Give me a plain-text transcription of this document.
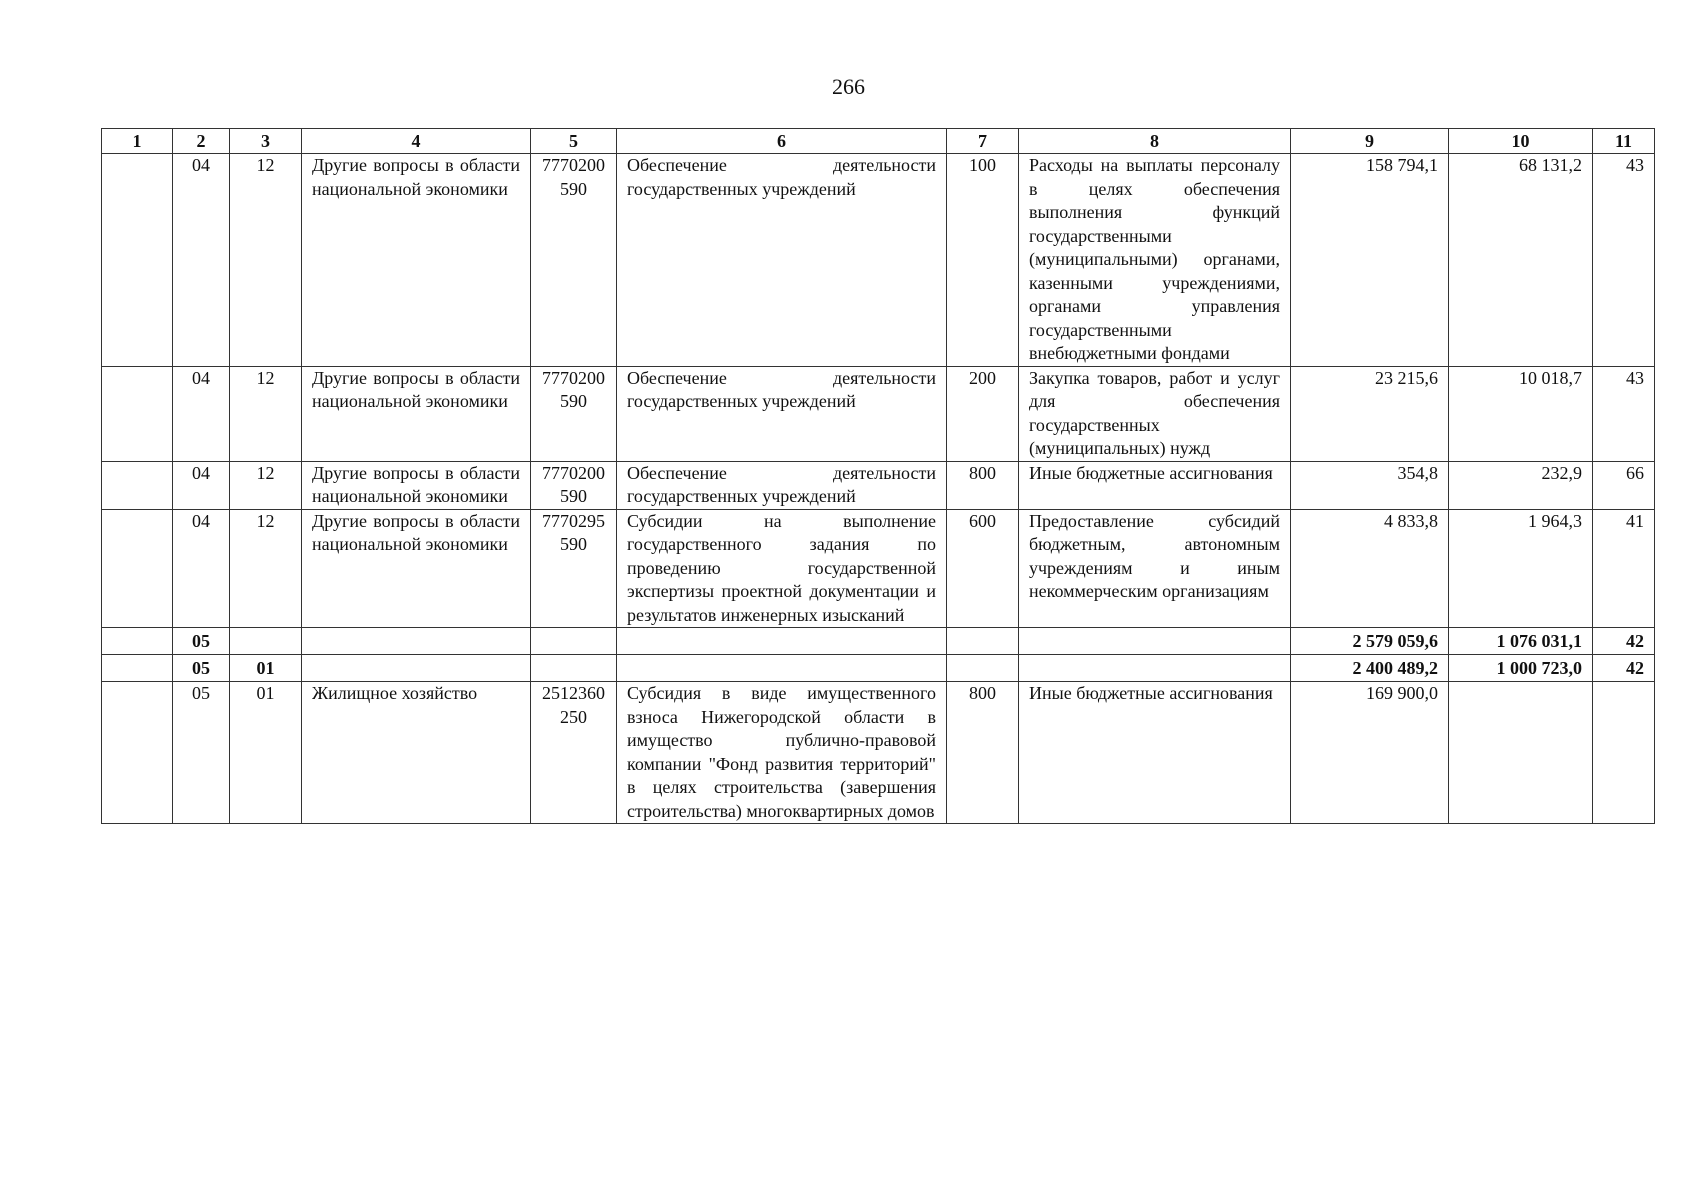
266
1	2	3	4	5	6	7	8	9	10	11
	04	12	Другие вопросы в области национальной экономики	7770200590	Обеспечение деятельности государственных учреждений	100	Расходы на выплаты персоналу в целях обеспечения выполнения функций государственными (муниципальными) органами, казенными учреждениями, органами управления государственными внебюджетными фондами	158 794,1	68 131,2	43
	04	12	Другие вопросы в области национальной экономики	7770200590	Обеспечение деятельности государственных учреждений	200	Закупка товаров, работ и услуг для обеспечения государственных (муниципальных) нужд	23 215,6	10 018,7	43
	04	12	Другие вопросы в области национальной экономики	7770200590	Обеспечение деятельности государственных учреждений	800	Иные бюджетные ассигнования	354,8	232,9	66
	04	12	Другие вопросы в области национальной экономики	7770295590	Субсидии на выполнение государственного задания по проведению государственной экспертизы проектной документации и результатов инженерных изысканий	600	Предоставление субсидий бюджетным, автономным учреждениям и иным некоммерческим организациям	4 833,8	1 964,3	41
	05							2 579 059,6	1 076 031,1	42
	05	01						2 400 489,2	1 000 723,0	42
	05	01	Жилищное хозяйство	2512360250	Субсидия в виде имущественного взноса Нижегородской области в имущество публично-правовой компании "Фонд развития территорий" в целях строительства (завершения строительства) многоквартирных домов	800	Иные бюджетные ассигнования	169 900,0		
